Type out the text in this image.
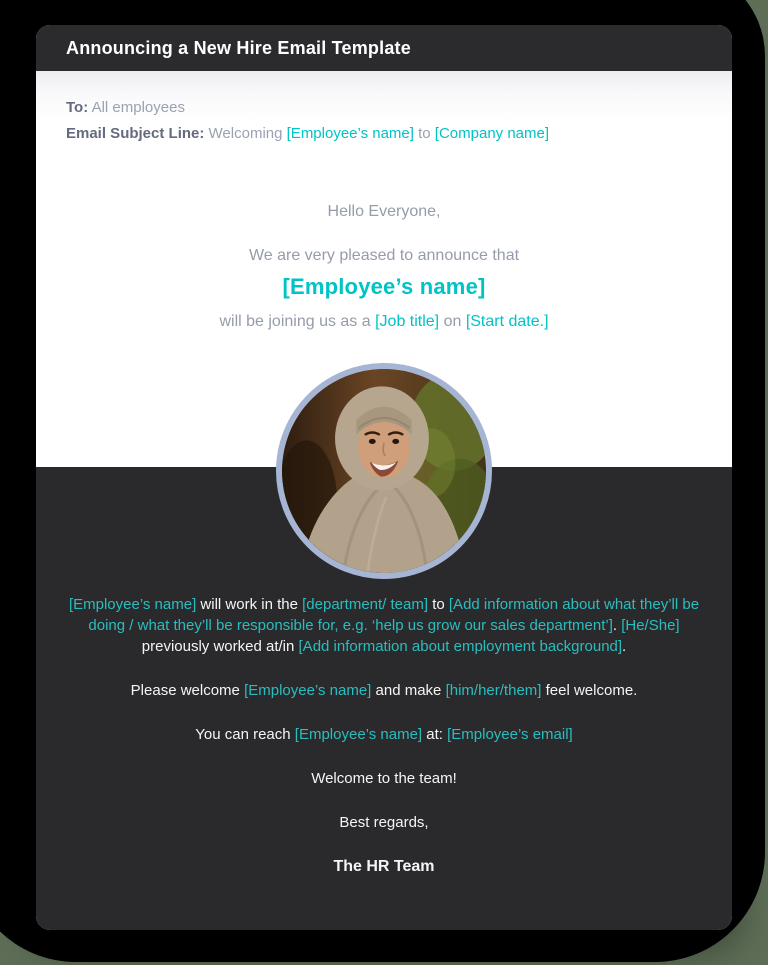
Announcing a New Hire Email Template

To: All employees

Email Subject Line: Welcoming [Employee’s name] to [Company name]

Hello Everyone,

We are very pleased to announce that

[Employee’s name]

will be joining us as a [Job title] on [Start date.]

[Employee’s name] will work in the [department/ team] to [Add information about what they’ll be doing / what they’ll be responsible for, e.g. ‘help us grow our sales department’]. [He/She] previously worked at/in [Add information about employment background].

Please welcome [Employee’s name] and make [him/her/them] feel welcome.

You can reach [Employee’s name] at: [Employee’s email]

Welcome to the team!

Best regards,

The HR Team
